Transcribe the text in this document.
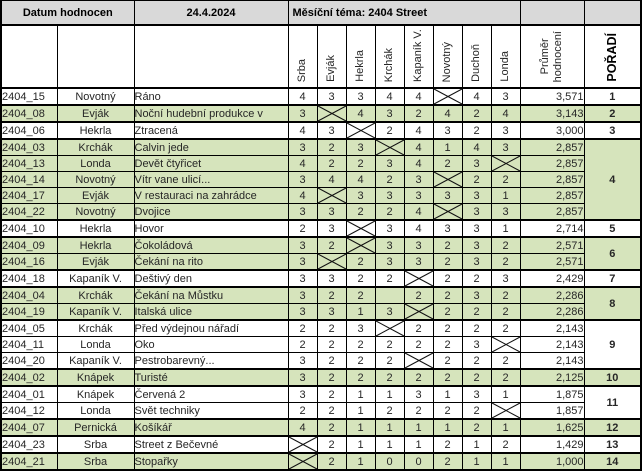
Datum hodnocen		24.4.2024	Měsíční téma: 2404 Street									
			Srba	Evják	Hekrla	Krchák	Kapaník V.	Novotný	Duchoň	Londa	Průměr hodnocení	POŘADÍ
2404_15	Novotný	Ráno	4	3	3	4	4		4	3	3,571	1
2404_08	Evják	Noční hudební produkce v	3		4	3	2	4	2	4	3,143	2
2404_06	Hekrla	Ztracená	4	3		2	4	3	2	3	3,000	3
2404_03	Krchák	Calvin jede	3	2	3		4	1	4	3	2,857	4
2404_13	Londa	Devět čtyřicet	4	2	2	3	4	2	3		2,857	
2404_14	Novotný	Vítr vane ulicí...	3	4	4	2	3		2	2	2,857	
2404_17	Evják	V restauraci na zahrádce	4		3	3	3	3	3	1	2,857	
2404_22	Novotný	Dvojice	3	3	2	2	4		3	3	2,857	
2404_10	Hekrla	Hovor	2	3		3	4	3	3	1	2,714	5
2404_09	Hekrla	Čokoládová	3	2		3	3	2	3	2	2,571	6
2404_16	Evják	Čekání na rito	3		2	3	3	2	3	2	2,571	
2404_18	Kapaník V.	Deštivý den	3	3	2	2		2	2	3	2,429	7
2404_04	Krchák	Čekání na Můstku	3	2	2		2	2	3	2	2,286	8
2404_19	Kapaník V.	Italská ulice	3	3	1	3		2	2	2	2,286	
2404_05	Krchák	Před výdejnou nářadí	2	2	3		2	2	2	2	2,143	9
2404_11	Londa	Oko	2	2	2	2	2	2	3		2,143	
2404_20	Kapaník V.	Pestrobarevný...	3	2	2	2		2	2	2	2,143	
2404_02	Knápek	Turisté	3	2	2	2	2	2	2	2	2,125	10
2404_01	Knápek	Červená 2	3	2	1	1	3	1	3	1	1,875	11
2404_12	Londa	Svět techniky	2	2	1	2	2	2	2		1,857	
2404_07	Pernická	Košíkář	4	2	1	1	1	1	2	1	1,625	12
2404_23	Srba	Street z Bečevné		2	1	1	1	2	1	2	1,429	13
2404_21	Srba	Stopařky		2	1	0	0	2	1	1	1,000	14
